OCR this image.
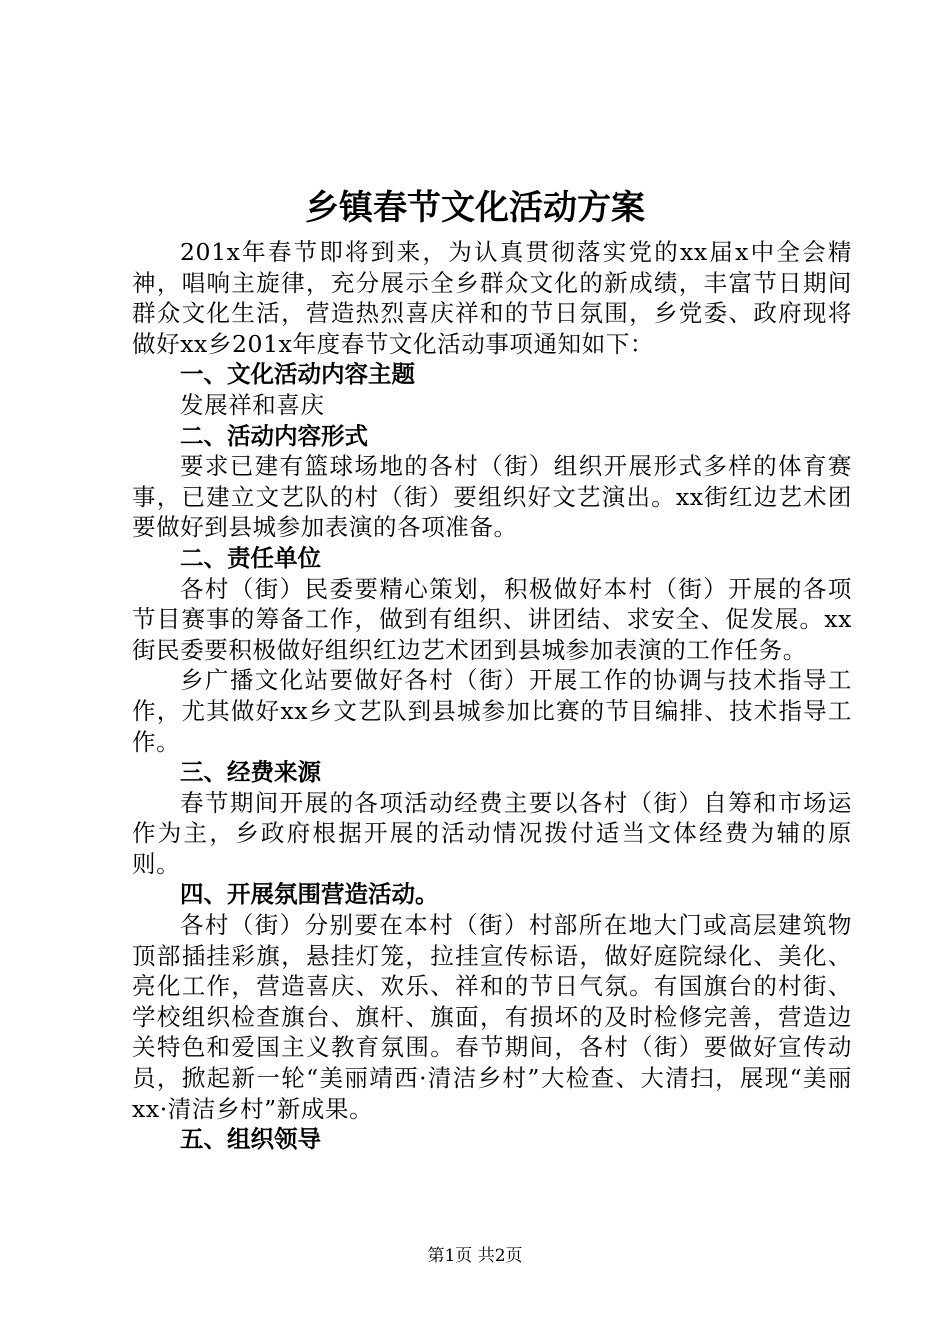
乡镇春节文化活动方案

201x年春节即将到来，为认真贯彻落实党的xx届x中全会精神，唱响主旋律，充分展示全乡群众文化的新成绩，丰富节日期间群众文化生活，营造热烈喜庆祥和的节日氛围，乡党委、政府现将做好xx乡201x年度春节文化活动事项通知如下：

一、文化活动内容主题

发展祥和喜庆

二、活动内容形式

要求已建有篮球场地的各村（街）组织开展形式多样的体育赛事，已建立文艺队的村（街）要组织好文艺演出。xx街红边艺术团要做好到县城参加表演的各项准备。

二、责任单位

各村（街）民委要精心策划，积极做好本村（街）开展的各项节目赛事的筹备工作，做到有组织、讲团结、求安全、促发展。xx街民委要积极做好组织红边艺术团到县城参加表演的工作任务。

乡广播文化站要做好各村（街）开展工作的协调与技术指导工作，尤其做好xx乡文艺队到县城参加比赛的节目编排、技术指导工作。

三、经费来源

春节期间开展的各项活动经费主要以各村（街）自筹和市场运作为主，乡政府根据开展的活动情况拨付适当文体经费为辅的原则。

四、开展氛围营造活动。

各村（街）分别要在本村（街）村部所在地大门或高层建筑物顶部插挂彩旗，悬挂灯笼，拉挂宣传标语，做好庭院绿化、美化、亮化工作，营造喜庆、欢乐、祥和的节日气氛。有国旗台的村街、学校组织检查旗台、旗杆、旗面，有损坏的及时检修完善，营造边关特色和爱国主义教育氛围。春节期间，各村（街）要做好宣传动员，掀起新一轮“美丽靖西·清洁乡村”大检查、大清扫，展现“美丽xx·清洁乡村”新成果。

五、组织领导
第1页 共2页
